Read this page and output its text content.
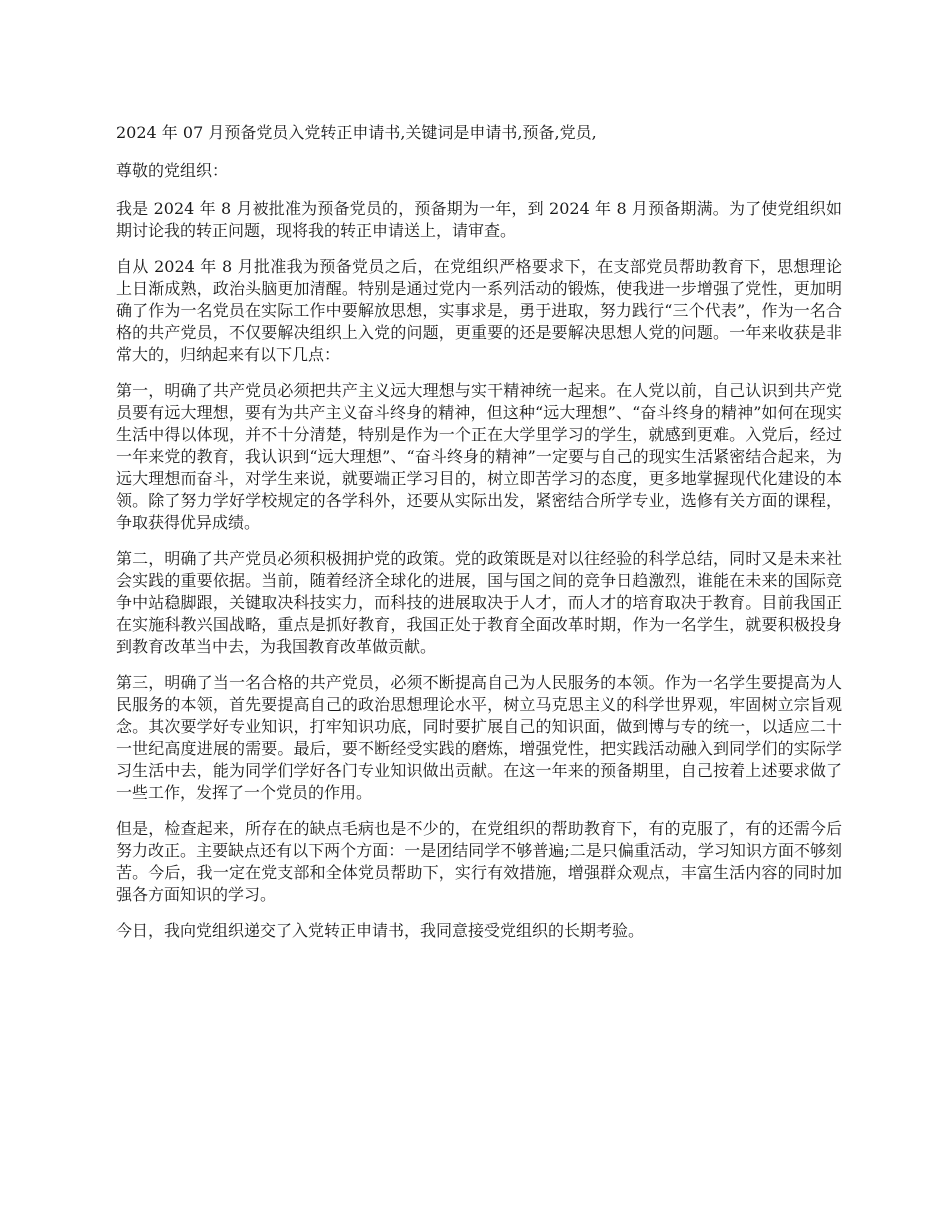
2024 年 07 月预备党员入党转正申请书,关键词是申请书,预备,党员,

尊敬的党组织：

我是 2024 年 8 月被批准为预备党员的，预备期为一年，到 2024 年 8 月预备期满。为了使党组织如期讨论我的转正问题，现将我的转正申请送上，请审查。

自从 2024 年 8 月批准我为预备党员之后，在党组织严格要求下，在支部党员帮助教育下，思想理论上日渐成熟，政治头脑更加清醒。特别是通过党内一系列活动的锻炼，使我进一步增强了党性，更加明确了作为一名党员在实际工作中要解放思想，实事求是，勇于进取，努力践行“三个代表”，作为一名合格的共产党员，不仅要解决组织上入党的问题，更重要的还是要解决思想人党的问题。一年来收获是非常大的，归纳起来有以下几点：

第一，明确了共产党员必须把共产主义远大理想与实干精神统一起来。在人党以前，自己认识到共产党员要有远大理想，要有为共产主义奋斗终身的精神，但这种“远大理想”、“奋斗终身的精神”如何在现实生活中得以体现，并不十分清楚，特别是作为一个正在大学里学习的学生，就感到更难。入党后，经过一年来党的教育，我认识到“远大理想”、“奋斗终身的精神”一定要与自己的现实生活紧密结合起来，为远大理想而奋斗，对学生来说，就要端正学习目的，树立即苦学习的态度，更多地掌握现代化建设的本领。除了努力学好学校规定的各学科外，还要从实际出发，紧密结合所学专业，选修有关方面的课程，争取获得优异成绩。

第二，明确了共产党员必须积极拥护党的政策。党的政策既是对以往经验的科学总结，同时又是未来社会实践的重要依据。当前，随着经济全球化的进展，国与国之间的竞争日趋激烈，谁能在未来的国际竞争中站稳脚跟，关键取决科技实力，而科技的进展取决于人才，而人才的培育取决于教育。目前我国正在实施科教兴国战略，重点是抓好教育，我国正处于教育全面改革时期，作为一名学生，就要积极投身到教育改革当中去，为我国教育改革做贡献。

第三，明确了当一名合格的共产党员，必须不断提高自己为人民服务的本领。作为一名学生要提高为人民服务的本领，首先要提高自己的政治思想理论水平，树立马克思主义的科学世界观，牢固树立宗旨观念。其次要学好专业知识，打牢知识功底，同时要扩展自己的知识面，做到博与专的统一，以适应二十一世纪高度进展的需要。最后，要不断经受实践的磨炼，增强党性，把实践活动融入到同学们的实际学习生活中去，能为同学们学好各门专业知识做出贡献。在这一年来的预备期里，自己按着上述要求做了一些工作，发挥了一个党员的作用。

但是，检查起来，所存在的缺点毛病也是不少的，在党组织的帮助教育下，有的克服了，有的还需今后努力改正。主要缺点还有以下两个方面：一是团结同学不够普遍;二是只偏重活动，学习知识方面不够刻苦。今后，我一定在党支部和全体党员帮助下，实行有效措施，增强群众观点，丰富生活内容的同时加强各方面知识的学习。

今日，我向党组织递交了入党转正申请书，我同意接受党组织的长期考验。
